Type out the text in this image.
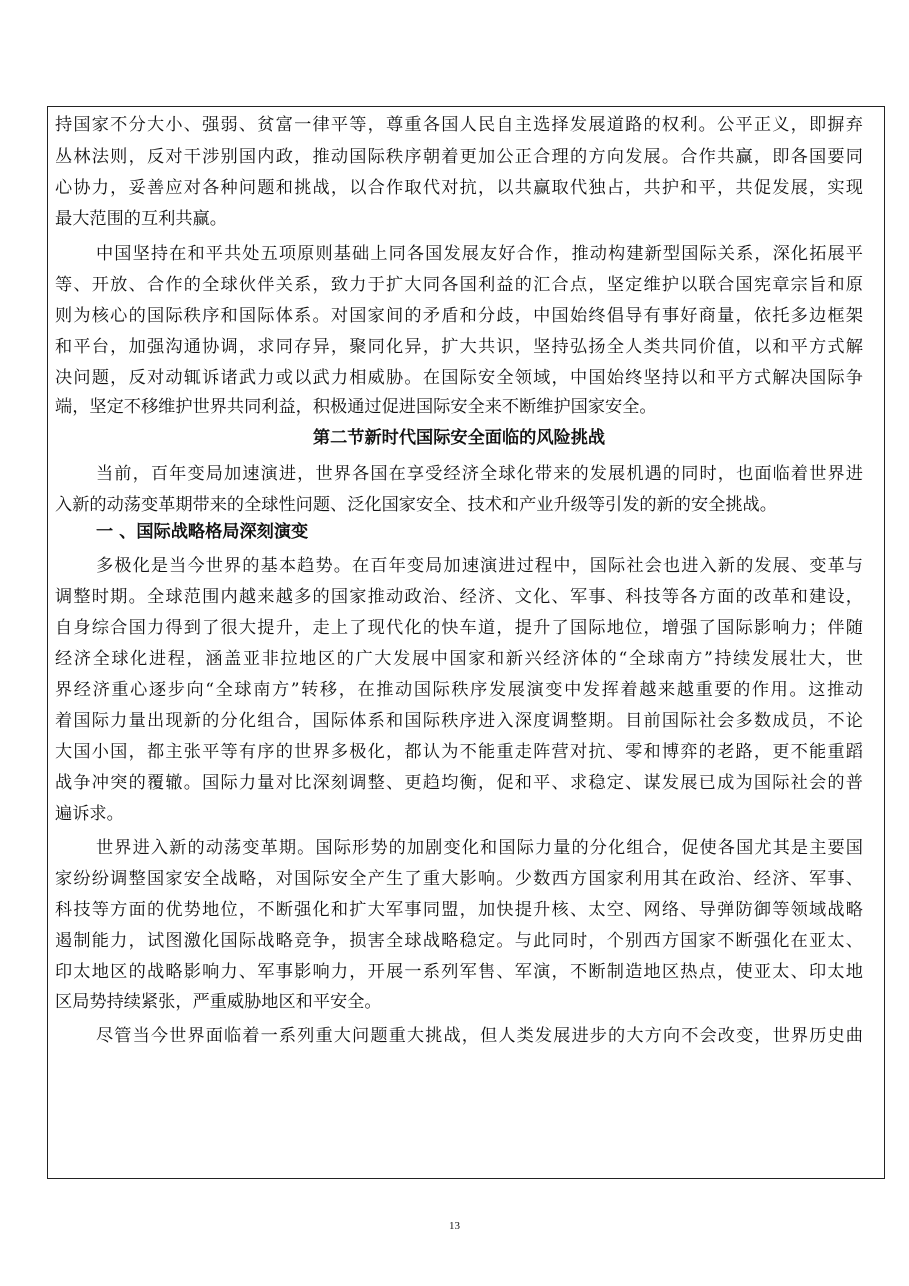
持国家不分大小、强弱、贫富一律平等，尊重各国人民自主选择发展道路的权利。公平正义，即摒弃
丛林法则，反对干涉别国内政，推动国际秩序朝着更加公正合理的方向发展。合作共赢，即各国要同
心协力，妥善应对各种问题和挑战，以合作取代对抗，以共赢取代独占，共护和平，共促发展，实现
最大范围的互利共赢。
中国坚持在和平共处五项原则基础上同各国发展友好合作，推动构建新型国际关系，深化拓展平
等、开放、合作的全球伙伴关系，致力于扩大同各国利益的汇合点，坚定维护以联合国宪章宗旨和原
则为核心的国际秩序和国际体系。对国家间的矛盾和分歧，中国始终倡导有事好商量，依托多边框架
和平台，加强沟通协调，求同存异，聚同化异，扩大共识，坚持弘扬全人类共同价值，以和平方式解
决问题，反对动辄诉诸武力或以武力相威胁。在国际安全领域，中国始终坚持以和平方式解决国际争
端，坚定不移维护世界共同利益，积极通过促进国际安全来不断维护国家安全。
第二节新时代国际安全面临的风险挑战
当前，百年变局加速演进，世界各国在享受经济全球化带来的发展机遇的同时，也面临着世界进
入新的动荡变革期带来的全球性问题、泛化国家安全、技术和产业升级等引发的新的安全挑战。
一 、国际战略格局深刻演变
多极化是当今世界的基本趋势。在百年变局加速演进过程中，国际社会也进入新的发展、变革与
调整时期。全球范围内越来越多的国家推动政治、经济、文化、军事、科技等各方面的改革和建设，
自身综合国力得到了很大提升，走上了现代化的快车道，提升了国际地位，增强了国际影响力；伴随
经济全球化进程，涵盖亚非拉地区的广大发展中国家和新兴经济体的“全球南方”持续发展壮大，世
界经济重心逐步向“全球南方”转移，在推动国际秩序发展演变中发挥着越来越重要的作用。这推动
着国际力量出现新的分化组合，国际体系和国际秩序进入深度调整期。目前国际社会多数成员，不论
大国小国，都主张平等有序的世界多极化，都认为不能重走阵营对抗、零和博弈的老路，更不能重蹈
战争冲突的覆辙。国际力量对比深刻调整、更趋均衡，促和平、求稳定、谋发展已成为国际社会的普
遍诉求。
世界进入新的动荡变革期。国际形势的加剧变化和国际力量的分化组合，促使各国尤其是主要国
家纷纷调整国家安全战略，对国际安全产生了重大影响。少数西方国家利用其在政治、经济、军事、
科技等方面的优势地位，不断强化和扩大军事同盟，加快提升核、太空、网络、导弹防御等领域战略
遏制能力，试图激化国际战略竞争，损害全球战略稳定。与此同时，个别西方国家不断强化在亚太、
印太地区的战略影响力、军事影响力，开展一系列军售、军演，不断制造地区热点，使亚太、印太地
区局势持续紧张，严重威胁地区和平安全。
尽管当今世界面临着一系列重大问题重大挑战，但人类发展进步的大方向不会改变，世界历史曲
13
